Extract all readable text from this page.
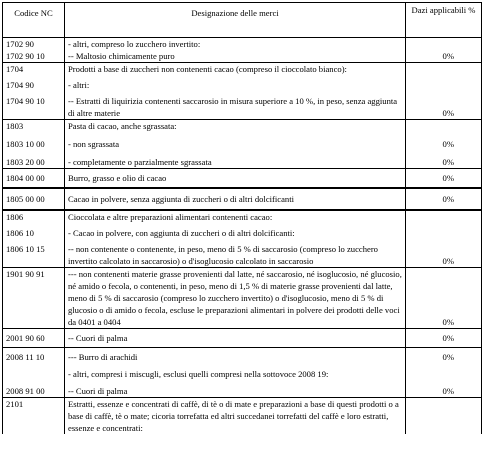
Codice NC	Designazione delle merci	Dazi applicabili %
1702 90	- altri, compreso lo zucchero invertito:	
1702 90 10	-- Maltosio chimicamente puro	0%
1704	Prodotti a base di zuccheri non contenenti cacao (compreso il cioccolato bianco):	
1704 90	- altri:	
1704 90 10	-- Estratti di liquirizia contenenti saccarosio in misura superiore a 10 %, in peso, senza aggiunta di altre materie	0%
1803	Pasta di cacao, anche sgrassata:	
1803 10 00	- non sgrassata	0%
1803 20 00	- completamente o parzialmente sgrassata	0%
1804 00 00	Burro, grasso e olio di cacao	0%
1805 00 00	Cacao in polvere, senza aggiunta di zuccheri o di altri dolcificanti	0%
1806	Cioccolata e altre preparazioni alimentari contenenti cacao:	
1806 10	- Cacao in polvere, con aggiunta di zuccheri o di altri dolcificanti:	
1806 10 15	-- non contenente o contenente, in peso, meno di 5 % di saccarosio (compreso lo zucchero invertito calcolato in saccarosio) o d'isoglucosio calcolato in saccarosio	0%
1901 90 91	--- non contenenti materie grasse provenienti dal latte, né saccarosio, né isoglucosio, né glucosio, né amido o fecola, o contenenti, in peso, meno di 1,5 % di materie grasse provenienti dal latte, meno di 5 % di saccarosio (compreso lo zucchero invertito) o d'isoglucosio, meno di 5 % di glucosio o di amido o fecola, escluse le preparazioni alimentari in polvere dei prodotti delle voci da 0401 a 0404	0%
2001 90 60	-- Cuori di palma	0%
2008 11 10	--- Burro di arachidi	0%
	- altri, compresi i miscugli, esclusi quelli compresi nella sottovoce 2008 19:	
2008 91 00	-- Cuori di palma	0%
2101	Estratti, essenze e concentrati di caffè, di tè o di mate e preparazioni a base di questi prodotti o a base di caffè, tè o mate; cicoria torrefatta ed altri succedanei torrefatti del caffè e loro estratti, essenze e concentrati:	
